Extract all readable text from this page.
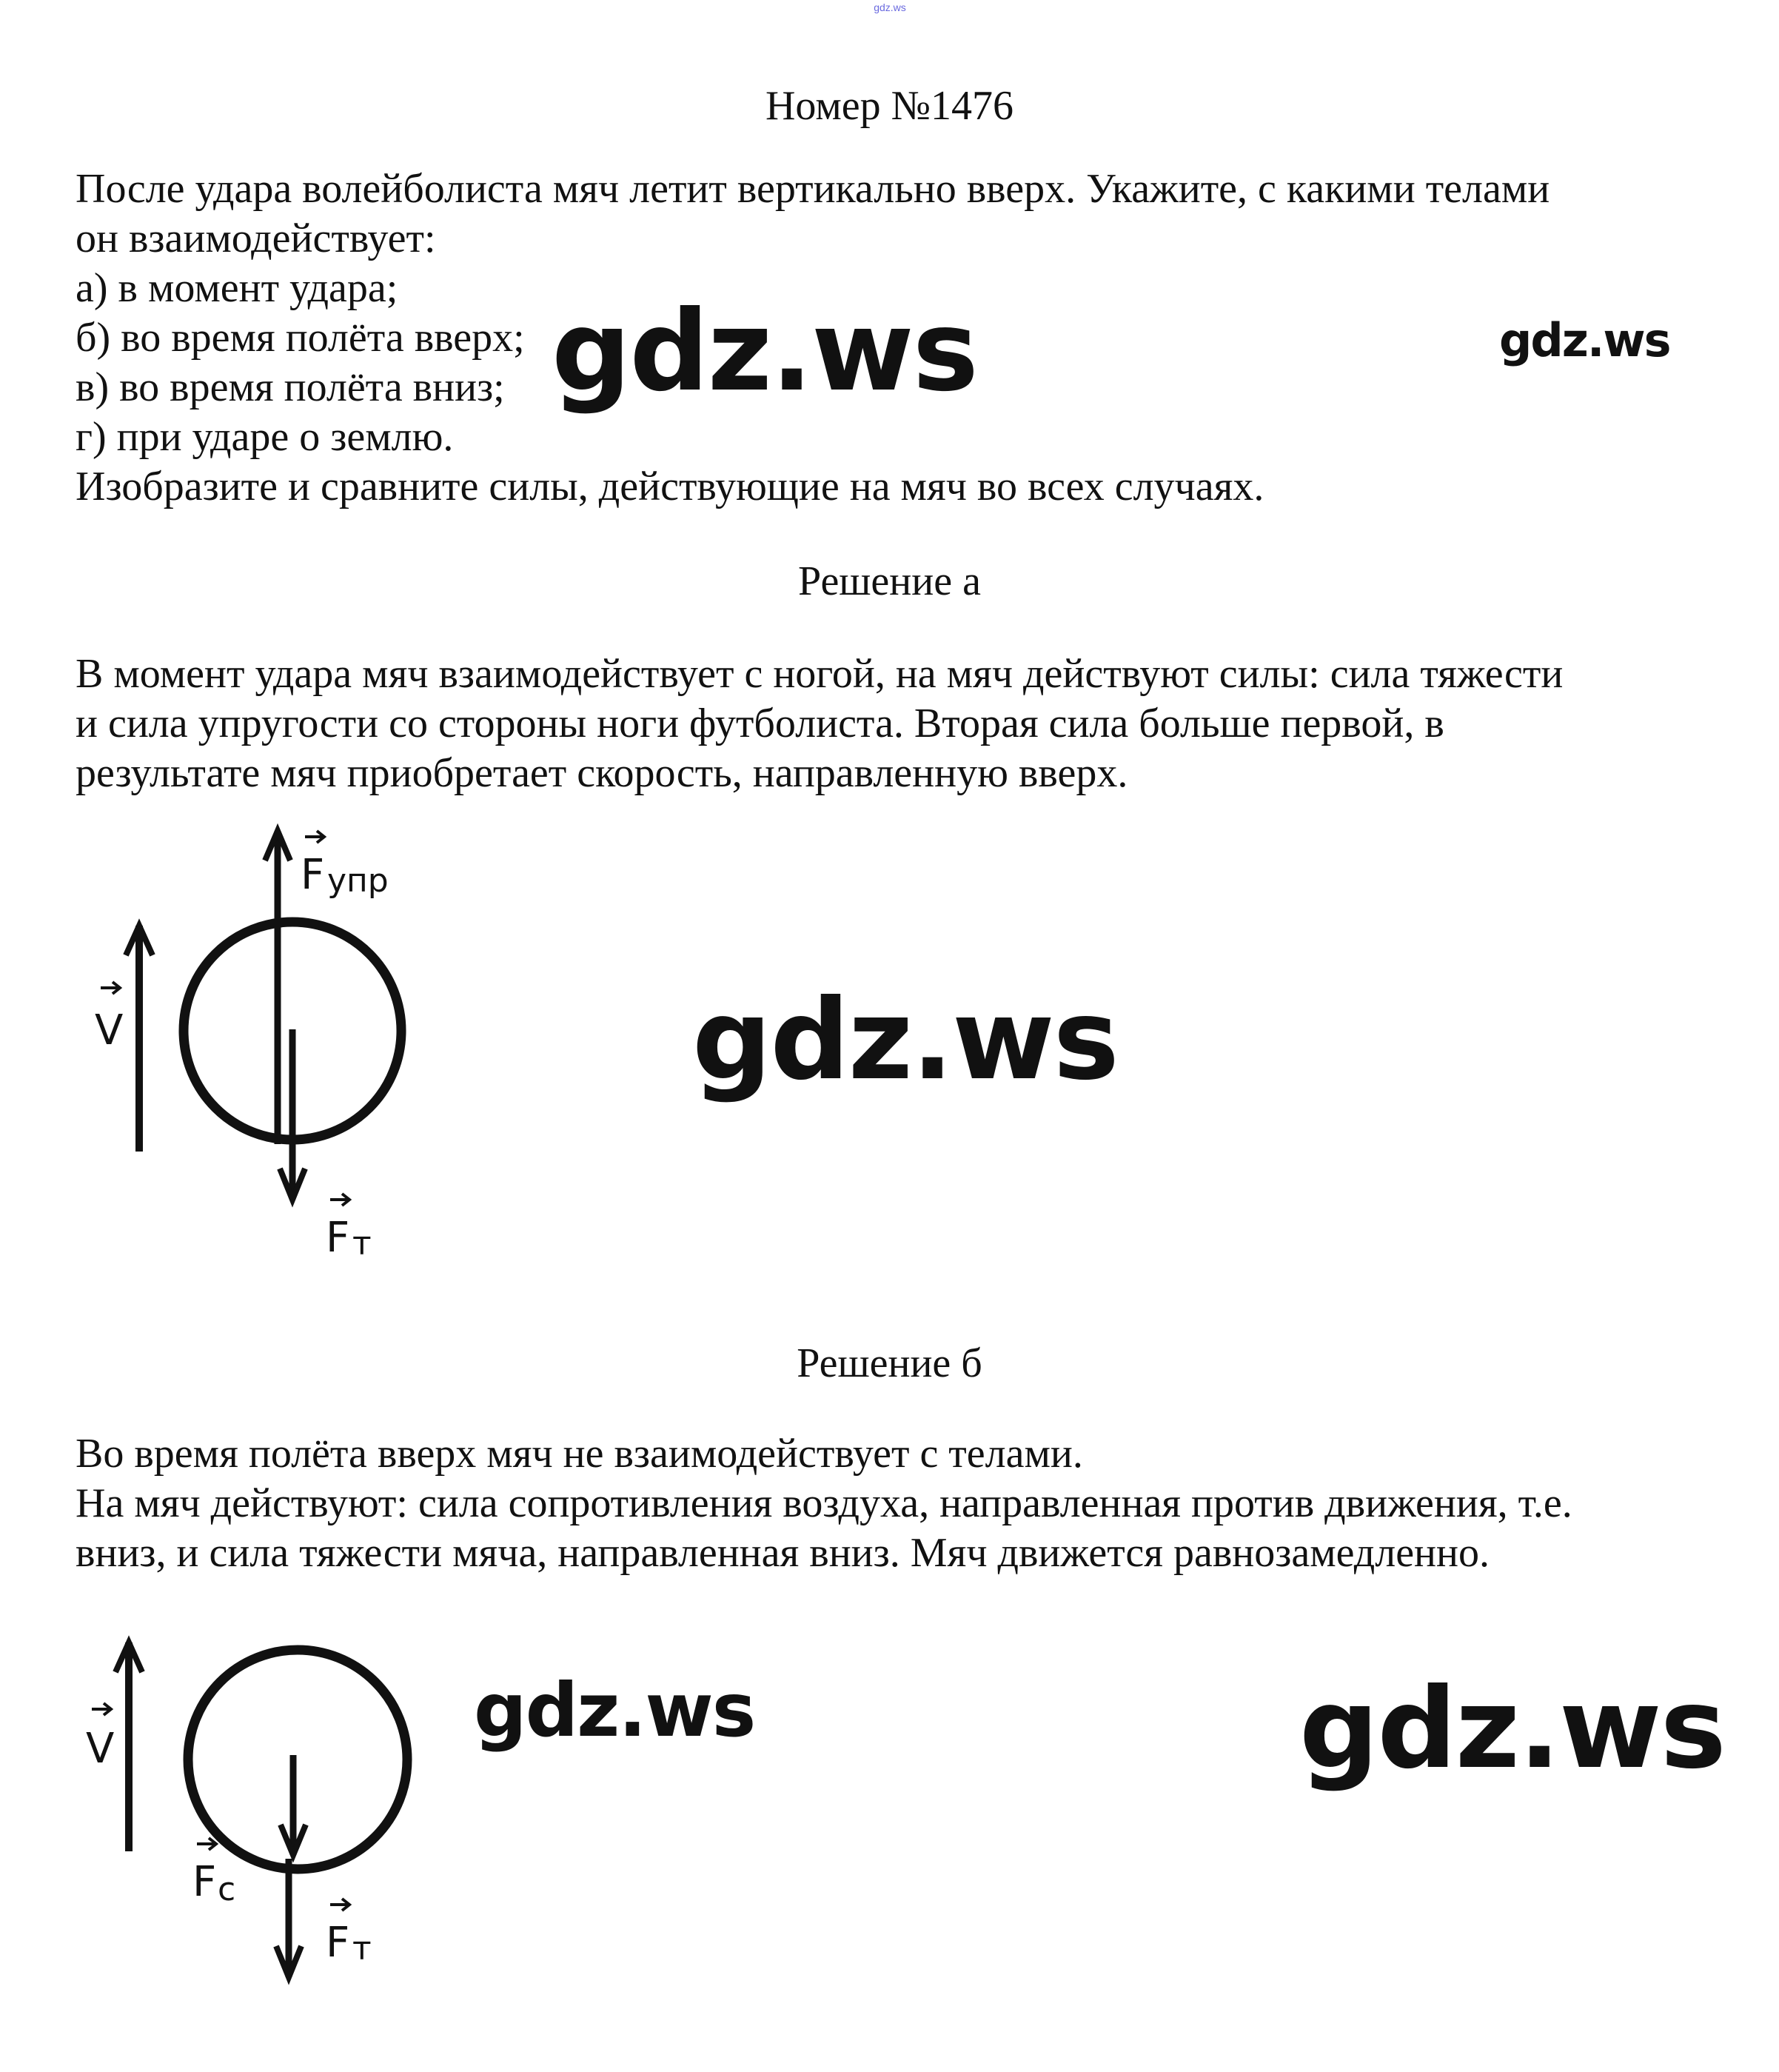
gdz.ws
Номер №1476
После удара волейболиста мяч летит вертикально вверх. Укажите, с какими телами
он взаимодействует:
а) в момент удара;
б) во время полёта вверх;
в) во время полёта вниз;
г) при ударе о землю.
Изобразите и сравните силы, действующие на мяч во всех случаях.
Решение а
В момент удара мяч взаимодействует с ногой, на мяч действуют силы: сила тяжести
и сила упругости со стороны ноги футболиста. Вторая сила больше первой, в
результате мяч приобретает скорость, направленную вверх.
V
F упр
F т
Решение б
Во время полёта вверх мяч не взаимодействует с телами.
На мяч действуют: сила сопротивления воздуха, направленная против движения, т.е.
вниз, и сила тяжести мяча, направленная вниз. Мяч движется равнозамедленно.
V
F с
F т
gdz.ws	gdz.ws
gdz.ws
gdz.ws	gdz.ws
